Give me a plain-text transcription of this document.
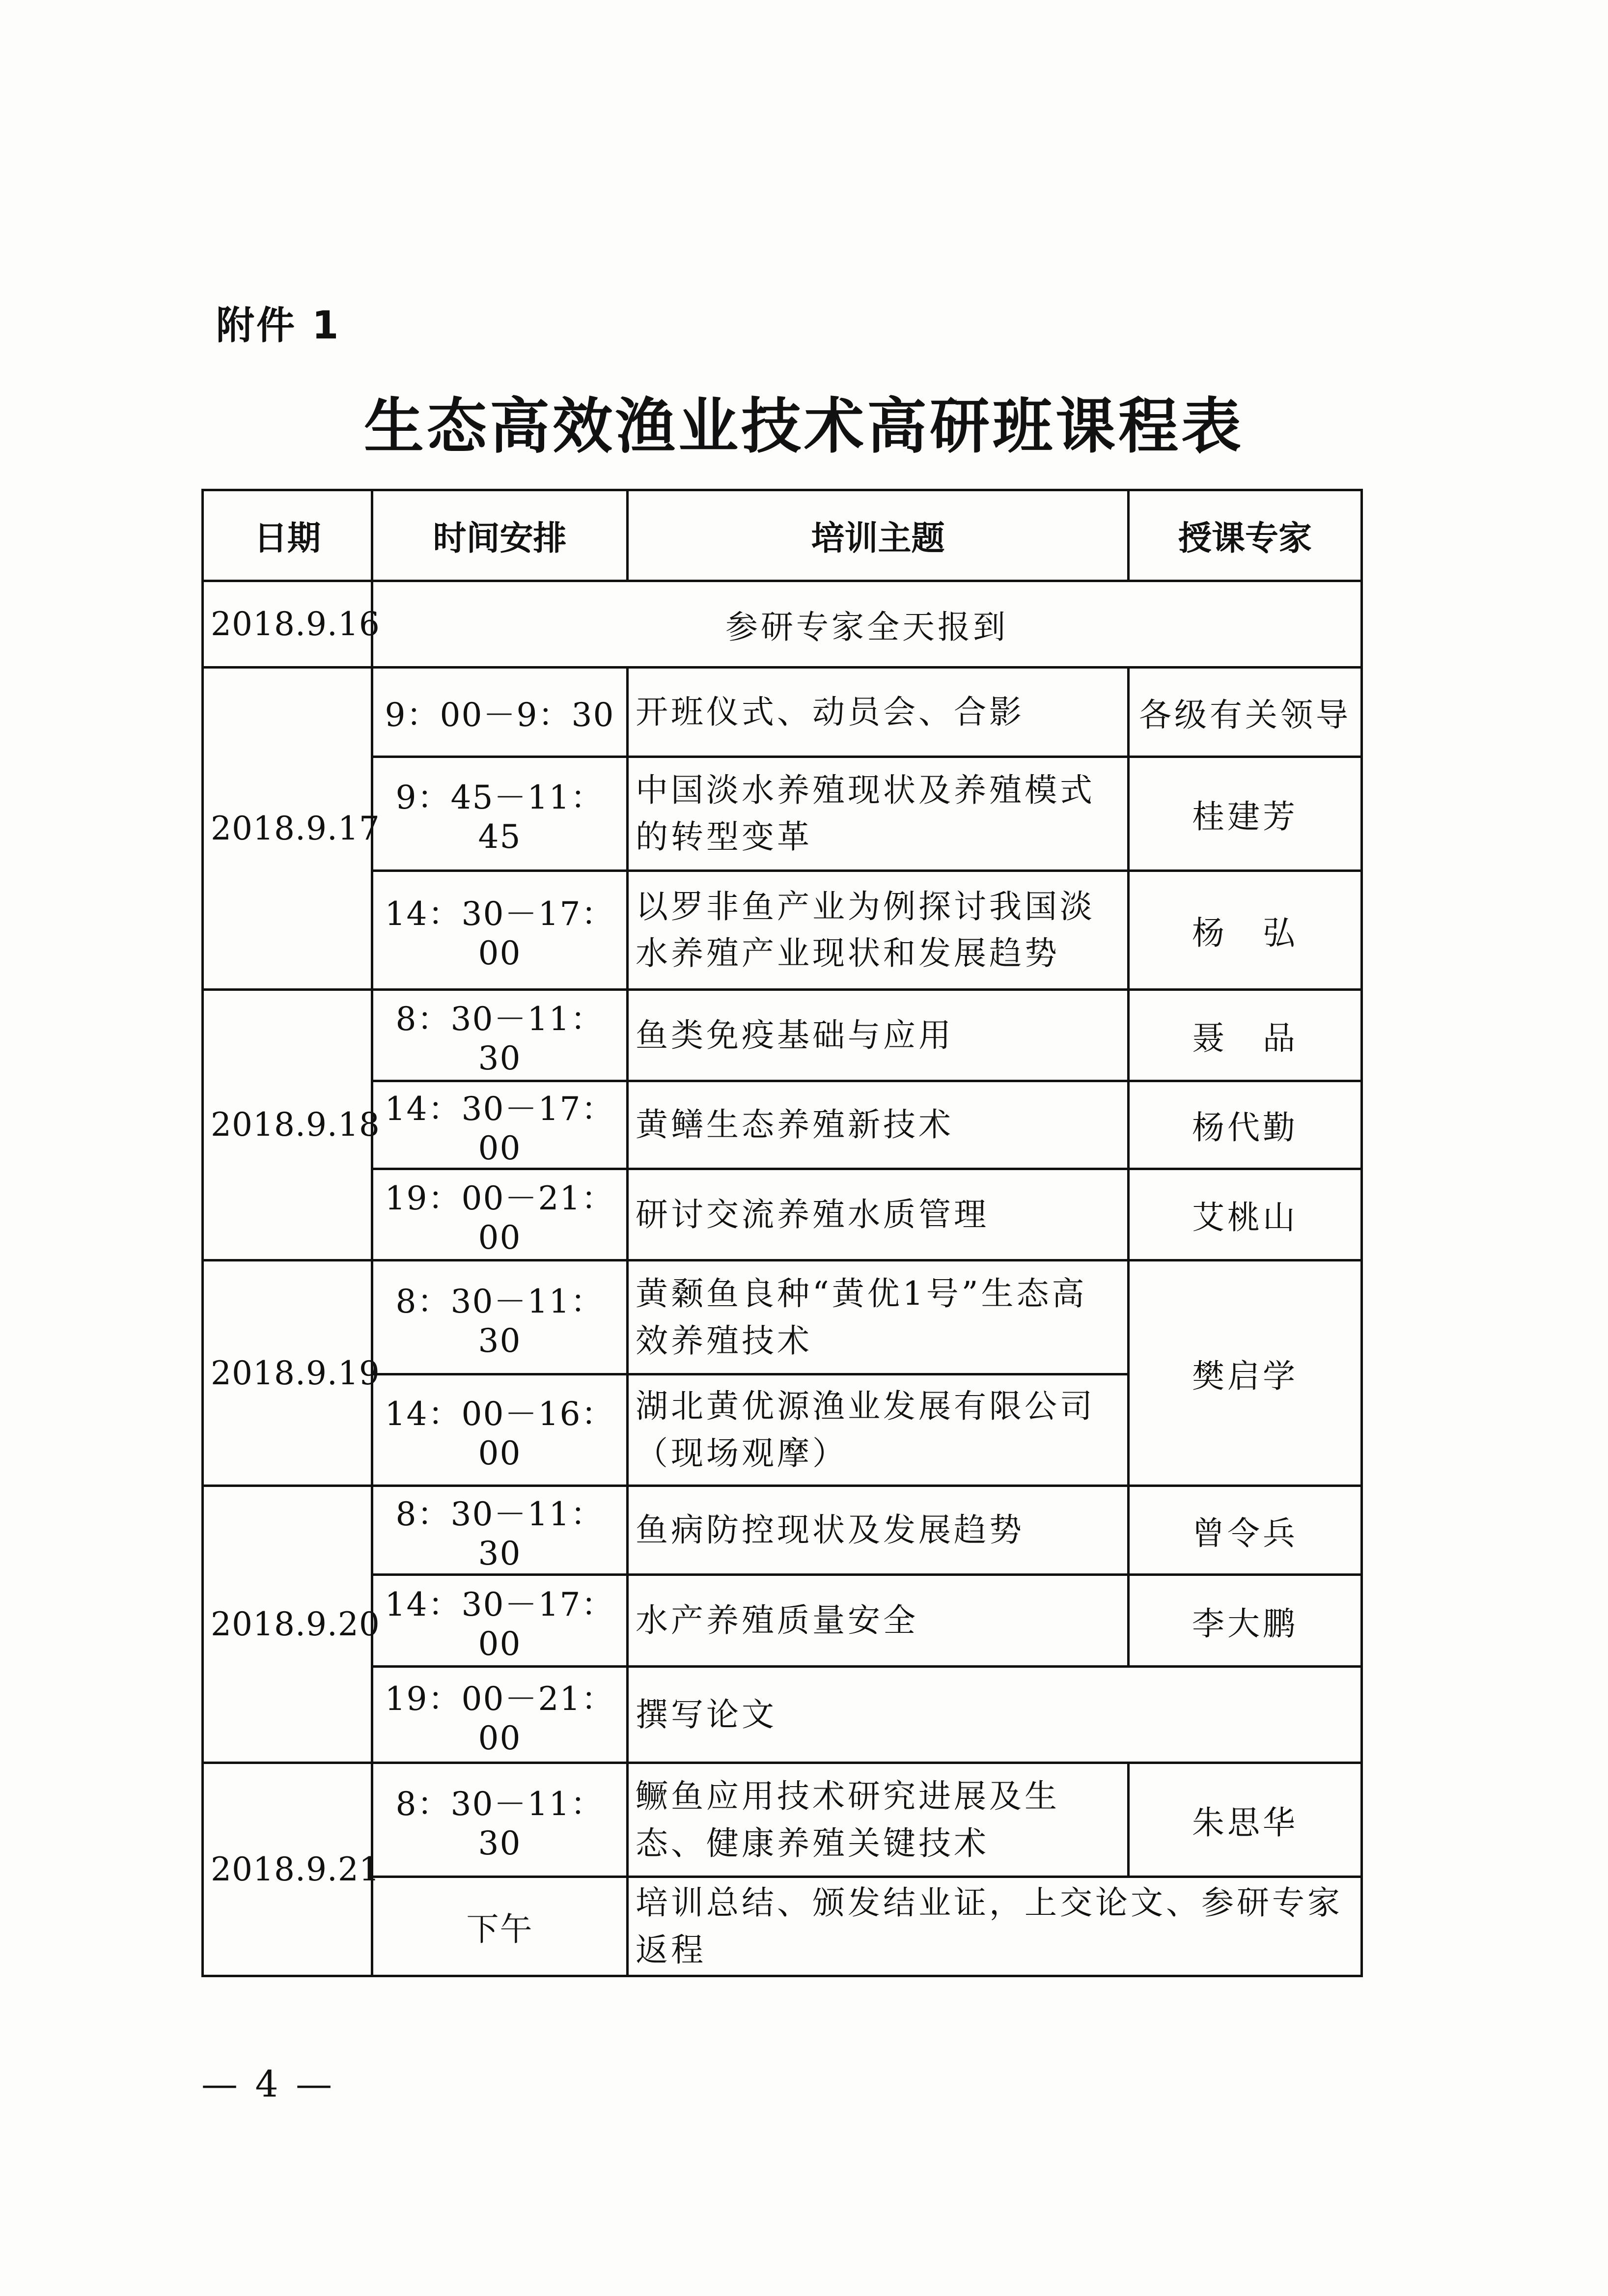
附件 1
生态高效渔业技术高研班课程表
日期	时间安排	培训主题	授课专家
2018.9.16	参研专家全天报到		
2018.9.17	9：00－9：30	开班仪式、动员会、合影	各级有关领导
	9：45－11：45	中国淡水养殖现状及养殖模式的转型变革	桂建芳
	14：30－17：00	以罗非鱼产业为例探讨我国淡水养殖产业现状和发展趋势	杨　弘
2018.9.18	8：30－11：30	鱼类免疫基础与应用	聂　品
	14：30－17：00	黄鳝生态养殖新技术	杨代勤
	19：00－21：00	研讨交流养殖水质管理	艾桃山
2018.9.19	8：30－11：30	黄颡鱼良种“黄优1号”生态高效养殖技术	樊启学
	14：00－16：00	湖北黄优源渔业发展有限公司（现场观摩）	
2018.9.20	8：30－11：30	鱼病防控现状及发展趋势	曾令兵
	14：30－17：00	水产养殖质量安全	李大鹏
	19：00－21：00	撰写论文	
2018.9.21	8：30－11：30	鳜鱼应用技术研究进展及生态、健康养殖关键技术	朱思华
	下午	培训总结、颁发结业证，上交论文、参研专家返程	
— 4 —
